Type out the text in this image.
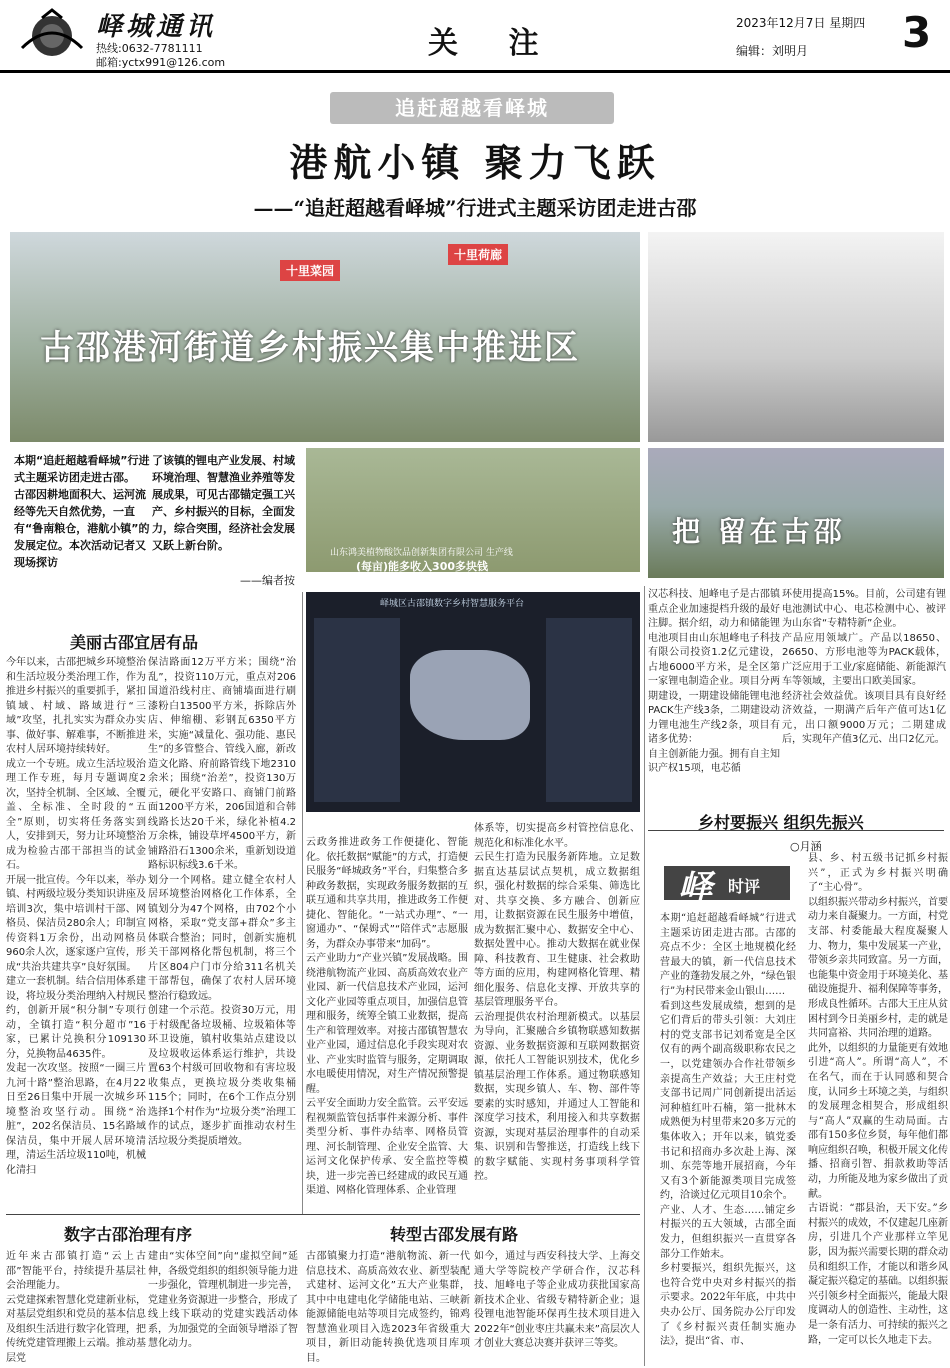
峄城通讯
热线:0632-7781111
邮箱:yctx991@126.com
关 注
2023年12月7日 星期四
编辑：刘明月 3
追赶超越看峄城
港航小镇 聚力飞跃
——“追赶超越看峄城”行进式主题采访团走进古邵
古邵港河街道乡村振兴集中推进区
十里菜园
十里荷廊
山东鸿美植物酸饮品创新集团有限公司 生产线
(每亩)能多收入300多块钱
把 留在古邵
峄城区古邵镇数字乡村智慧服务平台
本期“追赶超越看峄城”行进式主题采访团走进古邵。
古邵因耕地面积大、运河流经等先天自然优势，一直有“鲁南粮仓，港航小镇”的发展定位。本次活动记者又现场探访
了该镇的锂电产业发展、村域环境治理、智慧渔业养殖等发展成果，可见古邵锚定强工兴产、乡村振兴的目标，全面发力，综合突围，经济社会发展又跃上新台阶。
——编者按
美丽古邵宜居有品
今年以来，古邵把城乡环境整治和生活垃圾分类治理工作，作为推进乡村振兴的重要抓手，紧扣镇域、村域、路域进行“三域”攻坚，扎扎实实为群众办实事、做好事、解难事，不断推进农村人居环境持续转好。
成立一个专班。成立生活垃圾治理工作专班，每月专题调度2次，坚持全机制、全区域、全覆盖、全标准、全时段的“五全”原则，切实将任务落实到人，安排到天，努力让环境整治成为检验古邵干部担当的试金石。
开展一批宣传。今年以来，举办镇、村两级垃圾分类知识讲座及培训3次，集中培训村干部、网格员、保洁员280余人；印制宣传资料1万余份，出动网格员960余人次，逐家逐户宣传，形成“共治共建共享”良好氛围。
建立一套机制。结合信用体系建设，将垃圾分类治理纳入村规民约，创新开展“积分制”专项行动，全镇打造“积分超市”16家，已累计兑换积分109130分，兑换物品4635件。
发起一次攻坚。按照“一圈三片九河十路”整治思路，在4月22日至26日集中开展一次城乡环境整治攻坚行动。围绕“治脏”，202名保洁员、15名路域保洁员，集中开展人居环境清理，清运生活垃圾110吨，机械化清扫
保洁路面12万平方米；围绕“治乱”，投资110万元，重点对206国道沿线村庄、商铺墙面进行刷漆粉白13500平方米，拆除店外店、伸缩棚、彩钢瓦6350平方米，实施“减量化、强功能、惠民生”的多管整合、管线入廊，新改造文化路、府前路管线下地2310余米；围绕“治差”，投资130万元，硬化平安路口、商铺门前路面1200平方米，206国道和合韩线路长达20千米，绿化补植4.2万余株，铺设草坪4500平方，新铺路沿石1300余米，重新划设道路标识标线3.6千米。
划分一个网格。建立健全农村人居环境整治网格化工作体系，全镇划分为47个网格，由702个小网格，采取“党支部+群众”多主体联合整治；同时，创新实施机关干部网格化帮包机制，将三个片区804户门市分给311名机关干部帮包，确保了农村人居环境整治行稳致远。
创建一个示范。投资30万元，用于村级配备垃圾桶、垃圾箱体等环卫设施，镇村收集站点建设以及垃圾收运体系运行维护，共设置63个村级可回收物和有害垃圾收集点，更换垃圾分类收集桶115个；同时，在6个工作点分别选择1个村作为“垃圾分类”治理工作的试点，逐步扩面推动农村生活垃圾分类提质增效。
云政务推进政务工作便捷化、智能化。依托数据“赋能”的方式，打造便民服务“峄城政务”平台，归集整合多种政务数据，实现政务服务数据的互联互通和共享共用，推进政务工作便捷化、智能化。“一站式办理”、“一窗通办”、“保姆式”“陪伴式”志愿服务，为群众办事带来“加码”。
云产业助力“产业兴镇”发展战略。围绕港航物流产业园、高质高效农业产业园、新一代信息技术产业园，运河文化产业园等重点项目，加强信息管理和服务，统筹全镇工业数据，提高生产和管理效率。对接古邵镇智慧农业产业园，通过信息化手段实现对农业、产业实时监管与服务，定期调取水电暖使用情况，对生产情况预警提醒。
云平安全面助力安全监管。云平安远程视频监管包括事件来源分析、事件类型分析、事件办结率、网格员管理、河长制管理、企业安全监管、大运河文化保护传承、安全监控等模块，进一步完善已经建成的政民互通渠道、网格化管理体系、企业管理
体系等，切实提高乡村管控信息化、规范化和标准化水平。
云民生打造为民服务新阵地。立足数据直达基层试点契机，成立数据组织，强化村数据的综合采集、筛选比对、共享交换、多方融合、创新应用，让数据资源在民生服务中增值，成为数据汇聚中心、数据安全中心、数据处置中心。推动大数据在就业保障、科技教育、卫生健康、社会救助等方面的应用，构建网格化管理、精细化服务、信息化支撑、开放共享的基层管理服务平台。
云治理提供农村治理新模式。以基层为导向，汇聚融合乡镇物联感知数据资源、业务数据资源和互联网数据资源，依托人工智能识别技术，优化乡镇基层治理工作体系。通过物联感知数据，实现乡镇人、车、物、部件等要素的实时感知，并通过人工智能和深度学习技术，利用接入和共享数据资源，实现对基层治理事件的自动采集、识别和告警推送，打造线上线下的数字赋能、实现村务事项科学管控。
汉芯科技、旭峰电子是古邵镇重点企业加速提档升级的最好注脚。据介绍，动力和储能锂电池项目由山东旭峰电子科技有限公司投资1.2亿元建设，占地6000平方米，是全区第一家锂电制造企业。项目分两期建设，一期建设储能锂电池PACK生产线3条，二期建设动力锂电池生产线2条，项目有诸多优势：
自主创新能力强。拥有自主知识产权15项，电芯循
环使用提高15%。目前，公司建有锂电池测试中心、电芯检测中心、被评为山东省“专精特新”企业。
产品应用领域广。产品以18650、26650、方形电池等为PACK载体，广泛应用于工业/家庭储能、新能源汽车等领域，主要出口欧美国家。
经济社会效益优。该项目具有良好经济效益，一期满产后年产值可达1亿元，出口额9000万元；二期建成后，实现年产值3亿元、出口2亿元。
数字古邵治理有序	转型古邵发展有路
近年来古邵镇打造“云上古邵”智能平台，持续提升基层社会治理能力。
云党建探索智慧化党建新业标，对基层党组织和党员的基本信息及组织生活进行数字化管理，把传统党建管理搬上云端。推动基层党
建由“实体空间”向“虚拟空间”延伸，各级党组织的组织领导能力进一步强化，管理机制进一步完善，党建业务资源进一步整合，形成了线上线下联动的党建实践活动体系，为加强党的全面领导增添了智慧化动力。
古邵镇聚力打造“港航物流、新一代信息技术、高质高效农业、新型装配式建材、运河文化”五大产业集群，其中中电建电化学储能电站、三峡新能源储能电站等项目完成签约，锦鸡智慧渔业项目入选2023年省级重大项目，新旧动能转换优选项目库项目。
如今，通过与西安科技大学、上海交通大学等院校产学研合作，汉芯科技、旭峰电子等企业成功获批国家高新技术企业、省级专精特新企业；退役锂电池智能环保再生技术项目进入2022年“创业枣庄共赢未来”高层次人才创业大赛总决赛并获评三等奖。
乡村要振兴 组织先振兴
○月涵
峄 时评
本期“追赶超越看峄城”行进式主题采访团走进古邵。古邵的亮点不少：全区土地规模化经营最大的镇，新一代信息技术产业的蓬勃发展之外，“绿色银行”为村民带来金山银山……
看到这些发展成绩，想到的是它们背后的带头引领：大刘庄村的党支部书记刘希宽是全区仅有的两个副高级职称农民之一，以党建领办合作社带领乡亲提高生产效益；大王庄村党支部书记周广同创新提出活运河种植红叶石楠，第一批林木成熟便为村里带来20多万元的集体收入；开年以来，镇党委书记和招商办多次赴上海、深圳、东莞等地开展招商，今年又有3个新能源类项目完成签约，洽谈过亿元项目10余个。
产业、人才、生态……铺定乡村振兴的五大领域，古邵全面发力，但组织振兴一直贯穿各部分工作始末。
乡村要振兴，组织先振兴，这也符合党中央对乡村振兴的指示要求。2022年年底，中共中央办公厅、国务院办公厅印发了《乡村振兴责任制实施办法》，提出“省、市、
县、乡、村五级书记抓乡村振兴”，正式为乡村振兴明确了“主心骨”。
以组织振兴带动乡村振兴，首要动力来自凝聚力。一方面，村党支部、村委能最大程度凝聚人力、物力，集中发展某一产业，带领乡亲共同致富。另一方面，也能集中资金用于环境美化、基础设施提升、福利保障等事务，形成良性循环。古邵大王庄从贫困村到今日美丽乡村，走的就是共同富裕、共同治理的道路。
此外，以组织的力量能更有效地引进“高人”。所谓“高人”，不在名气，而在于认同感和契合度，认同乡土环境之美，与组织的发展理念相契合，形成组织与“高人”双赢的生动局面。古邵有150多位乡贤，每年他们都响应组织召唤，积极开展文化传播、招商引智、捐款救助等活动，力所能及地为家乡做出了贡献。
古语说：“郡县治，天下安。”乡村振兴的成效，不仅建起几座新房，引进几个产业那样立竿见影，因为振兴需要长期的群众动员和组织工作，才能以和谐乡风凝定振兴稳定的基础。以组织振兴引领乡村全面振兴，能最大限度调动人的创造性、主动性，这是一条有活力、可持续的振兴之路，一定可以长久地走下去。
